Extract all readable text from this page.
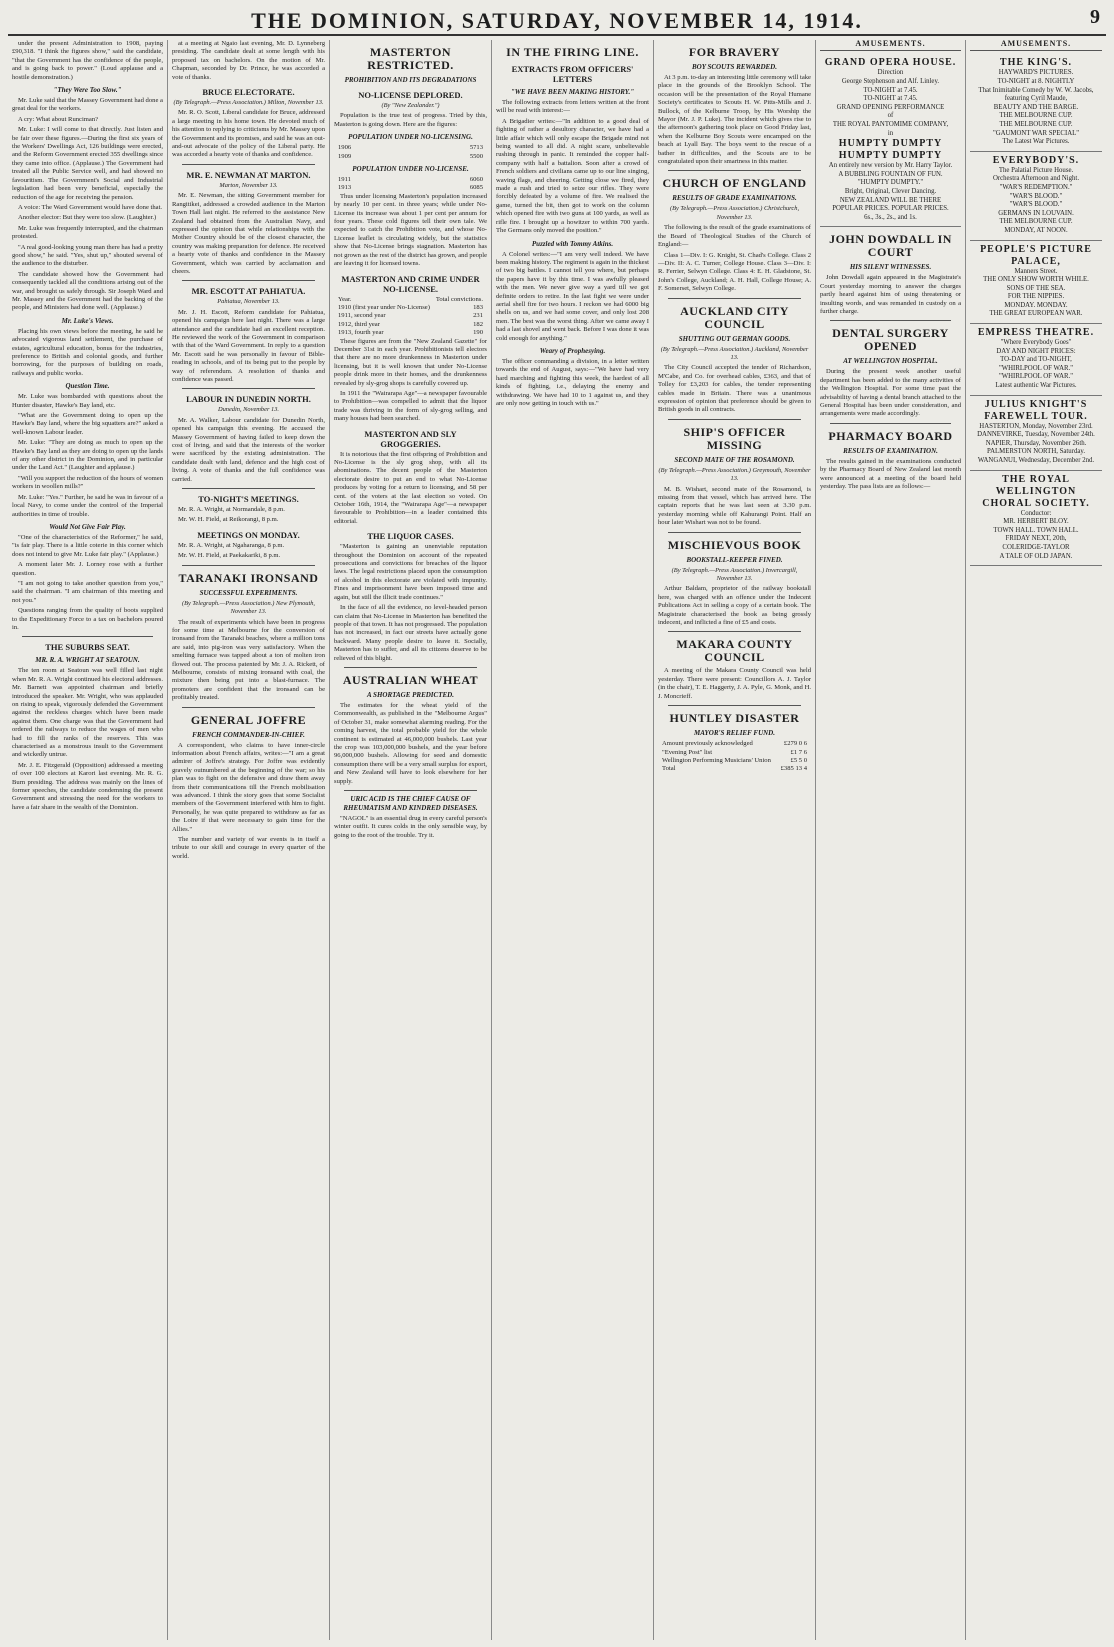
THE DOMINION, SATURDAY, NOVEMBER 14, 1914.	9

under the present Administration to 1908, paying £90,318. "I think the figures show," said the candidate, "that the Government has the confidence of the people, and is going back to power." (Loud applause and a hostile demonstration.)

"They Were Too Slow."

Mr. Luke said that the Massey Government had done a great deal for the workers.

A cry: What about Runciman?

Mr. Luke: I will come to that directly. Just listen and be fair over these figures.—During the first six years of the Workers' Dwellings Act, 126 buildings were erected, and the Reform Government erected 355 dwellings since they came into office. (Applause.) The Government had treated all the Public Service well, and had showed no favouritism. The Government's Social and Industrial legislation had been very beneficial, especially the reduction of the age for receiving the pension.

A voice: The Ward Government would have done that.

Another elector: But they were too slow. (Laughter.)

Mr. Luke was frequently interrupted, and the chairman protested.

"A real good-looking young man there has had a pretty good show," he said. "Yes, shut up," shouted several of the audience to the disturber.

The candidate showed how the Government had consequently tackled all the conditions arising out of the war, and brought us safely through. Sir Joseph Ward and Mr. Massey and the Government had the backing of the people, and Ministers had done well. (Applause.)

Mr. Luke's Views.

Placing his own views before the meeting, he said he advocated vigorous land settlement, the purchase of estates, agricultural education, bonus for the industries, preference to British and colonial goods, and further borrowing, for the purposes of building on roads, railways and public works.

Question Time.

Mr. Luke was bombarded with questions about the Hunter disaster, Hawke's Bay land, etc.

"What are the Government doing to open up the Hawke's Bay land, where the big squatters are?" asked a well-known Labour leader.

Mr. Luke: "They are doing as much to open up the Hawke's Bay land as they are doing to open up the lands of any other district in the Dominion, and in particular under the Land Act." (Laughter and applause.)

"Will you support the reduction of the hours of women workers in woollen mills?"

Mr. Luke: "Yes." Further, he said he was in favour of a local Navy, to come under the control of the Imperial authorities in time of trouble.

Would Not Give Fair Play.

"One of the characteristics of the Reformer," he said, "is fair play. There is a little coterie in this corner which does not intend to give Mr. Luke fair play." (Applause.)

A moment later Mr. J. Lorney rose with a further question.

"I am not going to take another question from you," said the chairman. "I am chairman of this meeting and not you."

Questions ranging from the quality of boots supplied to the Expeditionary Force to a tax on bachelors poured in.

THE SUBURBS SEAT.
MR. R. A. WRIGHT AT SEATOUN.

The ten room at Seatoun was well filled last night when Mr. R. A. Wright continued his electoral addresses. Mr. Barnett was appointed chairman and briefly introduced the speaker. Mr. Wright, who was applauded on rising to speak, vigorously defended the Government against the reckless charges which have been made against them. One charge was that the Government had ordered the railways to reduce the wages of men who had to fill the ranks of the reserves. This was characterised as a monstrous insult to the Government and wickedly untrue.

Mr. J. E. Fitzgerald (Opposition) addressed a meeting of over 100 electors at Karori last evening. Mr. R. G. Burn presiding. The address was mainly on the lines of former speeches, the candidate condemning the present Government and stressing the need for the workers to have a fair share in the wealth of the Dominion.

at a meeting at Ngaio last evening, Mr. D. Lynneberg presiding. The candidate dealt at some length with his proposed tax on bachelors. On the motion of Mr. Chapman, seconded by Dr. Prince, he was accorded a vote of thanks.

BRUCE ELECTORATE.
(By Telegraph.—Press Association.) Milton, November 13.

Mr. R. O. Scott, Liberal candidate for Bruce, addressed a large meeting in his home town. He devoted much of his attention to replying to criticisms by Mr. Massey upon the Government and its promises, and said he was an out-and-out advocate of the policy of the Liberal party. He was accorded a hearty vote of thanks and confidence.

MR. E. NEWMAN AT MARTON.
Marton, November 13.

Mr. E. Newman, the sitting Government member for Rangitikei, addressed a crowded audience in the Marton Town Hall last night. He referred to the assistance New Zealand had obtained from the Australian Navy, and expressed the opinion that while relationships with the Mother Country should be of the closest character, the country was making preparation for defence. He received a hearty vote of thanks and confidence in the Massey Government, which was carried by acclamation and cheers.

MR. ESCOTT AT PAHIATUA.
Pahiatua, November 13.

Mr. J. H. Escott, Reform candidate for Pahiatua, opened his campaign here last night. There was a large attendance and the candidate had an excellent reception. He reviewed the work of the Government in comparison with that of the Ward Government. In reply to a question Mr. Escott said he was personally in favour of Bible-reading in schools, and of its being put to the people by way of referendum. A resolution of thanks and confidence was passed.

LABOUR IN DUNEDIN NORTH.
Dunedin, November 13.

Mr. A. Walker, Labour candidate for Dunedin North, opened his campaign this evening. He accused the Massey Government of having failed to keep down the cost of living, and said that the interests of the worker were sacrificed by the existing administration. The candidate dealt with land, defence and the high cost of living. A vote of thanks and the full confidence was carried.

TO-NIGHT'S MEETINGS.

Mr. R. A. Wright, at Normandale, 8 p.m.

Mr. W. H. Field, at Reikorangi, 8 p.m.

MEETINGS ON MONDAY.

Mr. R. A. Wright, at Ngaharanga, 8 p.m.

Mr. W. H. Field, at Paekakariki, 8 p.m.

TARANAKI IRONSAND
SUCCESSFUL EXPERIMENTS.
(By Telegraph.—Press Association.) New Plymouth, November 13.

The result of experiments which have been in progress for some time at Melbourne for the conversion of ironsand from the Taranaki beaches, where a million tons are said, into pig-iron was very satisfactory. When the smelting furnace was tapped about a ton of molten iron flowed out. The process patented by Mr. J. A. Rickett, of Melbourne, consists of mixing ironsand with coal, the mixture then being put into a blast-furnace. The promoters are confident that the ironsand can be profitably treated.

GENERAL JOFFRE
FRENCH COMMANDER-IN-CHIEF.

A correspondent, who claims to have inner-circle information about French affairs, writes:—"I am a great admirer of Joffre's strategy. For Joffre was evidently gravely outnumbered at the beginning of the war; so his plan was to fight on the defensive and draw them away from their communications till the French mobilisation was advanced. I think the story goes that some Socialist members of the Government interfered with him to fight. Personally, he was quite prepared to withdraw as far as the Loire if that were necessary to gain time for the Allies."

The number and variety of war events is in itself a tribute to our skill and courage in every quarter of the world.

MASTERTON RESTRICTED.
PROHIBITION AND ITS DEGRADATIONS
NO-LICENSE DEPLORED.
(By "New Zealander.")

Population is the true test of progress. Tried by this, Masterton is going down. Here are the figures:

POPULATION UNDER NO-LICENSING.
1906	5713
1909	5500
POPULATION UNDER NO-LICENSE.
1911	6060
1913	6085

Thus under licensing Masterton's population increased by nearly 10 per cent. in three years; while under No-License its increase was about 1 per cent per annum for four years. These cold figures tell their own tale. We expected to catch the Prohibition vote, and whose No-License leaflet is circulating widely, but the statistics show that No-License brings stagnation. Masterton has not grown as the rest of the district has grown, and people are leaving it for licensed towns.

MASTERTON AND CRIME UNDER NO-LICENSE.
Year.	Total convictions.
1910 (first year under No-License)	183
1911, second year	231
1912, third year	182
1913, fourth year	190

These figures are from the "New Zealand Gazette" for December 31st in each year. Prohibitionists tell electors that there are no more drunkenness in Masterton under licensing, but it is well known that under No-License people drink more in their homes, and the drunkenness revealed by sly-grog shops is carefully covered up.

In 1911 the "Wairarapa Age"—a newspaper favourable to Prohibition—was compelled to admit that the liquor trade was thriving in the form of sly-grog selling, and many houses had been searched.

MASTERTON AND SLY GROGGERIES.

It is notorious that the first offspring of Prohibition and No-License is the sly grog shop, with all its abominations. The decent people of the Masterton electorate desire to put an end to what No-License produces by voting for a return to licensing, and 58 per cent. of the voters at the last election so voted. On October 16th, 1914, the "Wairarapa Age"—a newspaper favourable to Prohibition—in a leader contained this editorial.

THE LIQUOR CASES.

"Masterton is gaining an unenviable reputation throughout the Dominion on account of the repeated prosecutions and convictions for breaches of the liquor laws. The legal restrictions placed upon the consumption of alcohol in this electorate are violated with impunity. Fines and imprisonment have been imposed time and again, but still the illicit trade continues."

In the face of all the evidence, no level-headed person can claim that No-License in Masterton has benefited the people of that town. It has not progressed. The population has not increased, in fact our streets have actually gone backward. Many people desire to leave it. Socially, Masterton has to suffer, and all its citizens deserve to be relieved of this blight.

AUSTRALIAN WHEAT
A SHORTAGE PREDICTED.

The estimates for the wheat yield of the Commonwealth, as published in the "Melbourne Argus" of October 31, make somewhat alarming reading. For the coming harvest, the total probable yield for the whole continent is estimated at 46,000,000 bushels. Last year the crop was 103,000,000 bushels, and the year before 96,000,000 bushels. Allowing for seed and domestic consumption there will be a very small surplus for export, and New Zealand will have to look elsewhere for her supply.

URIC ACID IS THE CHIEF CAUSE OF RHEUMATISM AND KINDRED DISEASES.

"NAGOL" is an essential drug in every careful person's winter outfit. It cures colds in the only sensible way, by going to the root of the trouble. Try it.

IN THE FIRING LINE.
EXTRACTS FROM OFFICERS' LETTERS
"WE HAVE BEEN MAKING HISTORY."

The following extracts from letters written at the front will be read with interest:—

A Brigadier writes:—"In addition to a good deal of fighting of rather a desultory character, we have had a little affair which will only escape the Brigade mind not being wanted to all did. A night scare, unbelievable rushing through in panic. It reminded the copper half-company with half a battalion. Soon after a crowd of French soldiers and civilians came up to our line singing, waving flags, and cheering. Getting close we fired, they made a rush and tried to seize our rifles. They were forcibly defeated by a volume of fire. We realised the game, turned the bit, then got to work on the column which opened fire with two guns at 100 yards, as well as rifle fire. I brought up a howitzer to within 700 yards. The Germans only moved the position."

Puzzled with Tommy Atkins.

A Colonel writes:—"I am very well indeed. We have been making history. The regiment is again in the thickest of two big battles. I cannot tell you where, but perhaps the papers have it by this time. I was awfully pleased with the men. We never give way a yard till we got definite orders to retire. In the last fight we were under aerial shell fire for two hours. I reckon we had 6000 big shells on us, and we had some cover, and only lost 208 men. The best was the worst thing. After we came away I had a last shovel and went back. Before I was done it was cold enough for anything."

Weary of Prophesying.

The officer commanding a division, in a letter written towards the end of August, says:—"We have had very hard marching and fighting this week, the hardest of all kinds of fighting, i.e., delaying the enemy and withdrawing. We have had 10 to 1 against us, and they are only now getting in touch with us."

FOR BRAVERY
BOY SCOUTS REWARDED.

At 3 p.m. to-day an interesting little ceremony will take place in the grounds of the Brooklyn School. The occasion will be the presentation of the Royal Humane Society's certificates to Scouts H. W. Pitts-Mills and J. Bullock, of the Kelburne Troop, by His Worship the Mayor (Mr. J. P. Luke). The incident which gives rise to the afternoon's gathering took place on Good Friday last, when the Kelburne Boy Scouts were encamped on the beach at Lyall Bay. The boys went to the rescue of a bather in difficulties, and the Scouts are to be congratulated upon their smartness in this matter.

CHURCH OF ENGLAND
RESULTS OF GRADE EXAMINATIONS.
(By Telegraph.—Press Association.) Christchurch, November 13.

The following is the result of the grade examinations of the Board of Theological Studies of the Church of England:—

Class 1—Div. I: G. Knight, St. Chad's College. Class 2—Div. II: A. C. Turner, College House. Class 3—Div. I: R. Ferrier, Selwyn College. Class 4: E. H. Gladstone, St. John's College, Auckland; A. H. Hall, College House; A. F. Somerset, Selwyn College.

AUCKLAND CITY COUNCIL
SHUTTING OUT GERMAN GOODS.
(By Telegraph.—Press Association.) Auckland, November 13.

The City Council accepted the tender of Richardson, M'Cabe, and Co. for overhead cables, £363, and that of Tolley for £3,203 for cables, the tender representing cables made in Britain. There was a unanimous expression of opinion that preference should be given to British goods in all contracts.

SHIP'S OFFICER MISSING
SECOND MATE OF THE ROSAMOND.
(By Telegraph.—Press Association.) Greymouth, November 13.

M. B. Wishart, second mate of the Rosamond, is missing from that vessel, which has arrived here. The captain reports that he was last seen at 3.30 p.m. yesterday morning while off Kahurangi Point. Half an hour later Wishart was not to be found.

MISCHIEVOUS BOOK
BOOKSTALL-KEEPER FINED.
(By Telegraph.—Press Association.) Invercargill, November 13.

Arthur Baldam, proprietor of the railway bookstall here, was charged with an offence under the Indecent Publications Act in selling a copy of a certain book. The Magistrate characterised the book as being grossly indecent, and inflicted a fine of £5 and costs.

MAKARA COUNTY COUNCIL

A meeting of the Makara County Council was held yesterday. There were present: Councillors A. J. Taylor (in the chair), T. E. Haggerty, J. A. Pyle, G. Monk, and H. J. Moncrieff.

HUNTLEY DISASTER
MAYOR'S RELIEF FUND.
Amount previously acknowledged	£279 0 6
"Evening Post" list	£1 7 6
Wellington Performing Musicians' Union	£5 5 0
Total	£385 13 4
AMUSEMENTS.
GRAND OPERA HOUSE.
Direction
George Stephenson and Alf. Linley.
TO-NIGHT at 7.45.
TO-NIGHT at 7.45.
GRAND OPENING PERFORMANCE
of
THE ROYAL PANTOMIME COMPANY,
in
HUMPTY DUMPTY
HUMPTY DUMPTY
An entirely new version by Mr. Harry Taylor.
A BUBBLING FOUNTAIN OF FUN.
"HUMPTY DUMPTY."
Bright, Original, Clever Dancing.
NEW ZEALAND WILL BE THERE
POPULAR PRICES. POPULAR PRICES.
6s., 3s., 2s., and 1s.
JOHN DOWDALL IN COURT
HIS SILENT WITNESSES.

John Dowdall again appeared in the Magistrate's Court yesterday morning to answer the charges partly heard against him of using threatening or insulting words, and was remanded in custody on a further charge.

DENTAL SURGERY OPENED
AT WELLINGTON HOSPITAL.

During the present week another useful department has been added to the many activities of the Wellington Hospital. For some time past the advisability of having a dental branch attached to the General Hospital has been under consideration, and arrangements were made accordingly.

PHARMACY BOARD
RESULTS OF EXAMINATION.

The results gained in the examinations conducted by the Pharmacy Board of New Zealand last month were announced at a meeting of the board held yesterday. The pass lists are as follows:—

AMUSEMENTS.
THE KING'S.
HAYWARD'S PICTURES.
TO-NIGHT at 8. NIGHTLY
That Inimitable Comedy by W. W. Jacobs, featuring Cyril Maude,
BEAUTY AND THE BARGE.
THE MELBOURNE CUP.
THE MELBOURNE CUP.
"GAUMONT WAR SPECIAL"
The Latest War Pictures.
EVERYBODY'S.
The Palatial Picture House.
Orchestra Afternoon and Night.
"WAR'S REDEMPTION."
"WAR'S BLOOD."
"WAR'S BLOOD."
GERMANS IN LOUVAIN.
THE MELBOURNE CUP.
MONDAY, AT NOON.
PEOPLE'S PICTURE PALACE,
Manners Street.
THE ONLY SHOW WORTH WHILE.
SONS OF THE SEA.
FOR THE NIPPIES.
MONDAY. MONDAY.
THE GREAT EUROPEAN WAR.
EMPRESS THEATRE.
"Where Everybody Goes"
DAY AND NIGHT PRICES:
TO-DAY and TO-NIGHT,
"WHIRLPOOL OF WAR."
"WHIRLPOOL OF WAR."
Latest authentic War Pictures.
JULIUS KNIGHT'S FAREWELL TOUR.
HASTERTON, Monday, November 23rd.
DANNEVIRKE, Tuesday, November 24th.
NAPIER, Thursday, November 26th.
PALMERSTON NORTH, Saturday.
WANGANUI, Wednesday, December 2nd.
THE ROYAL WELLINGTON CHORAL SOCIETY.
Conductor:
MR. HERBERT BLOY.
TOWN HALL. TOWN HALL.
FRIDAY NEXT, 20th,
COLERIDGE-TAYLOR
A TALE OF OLD JAPAN.
